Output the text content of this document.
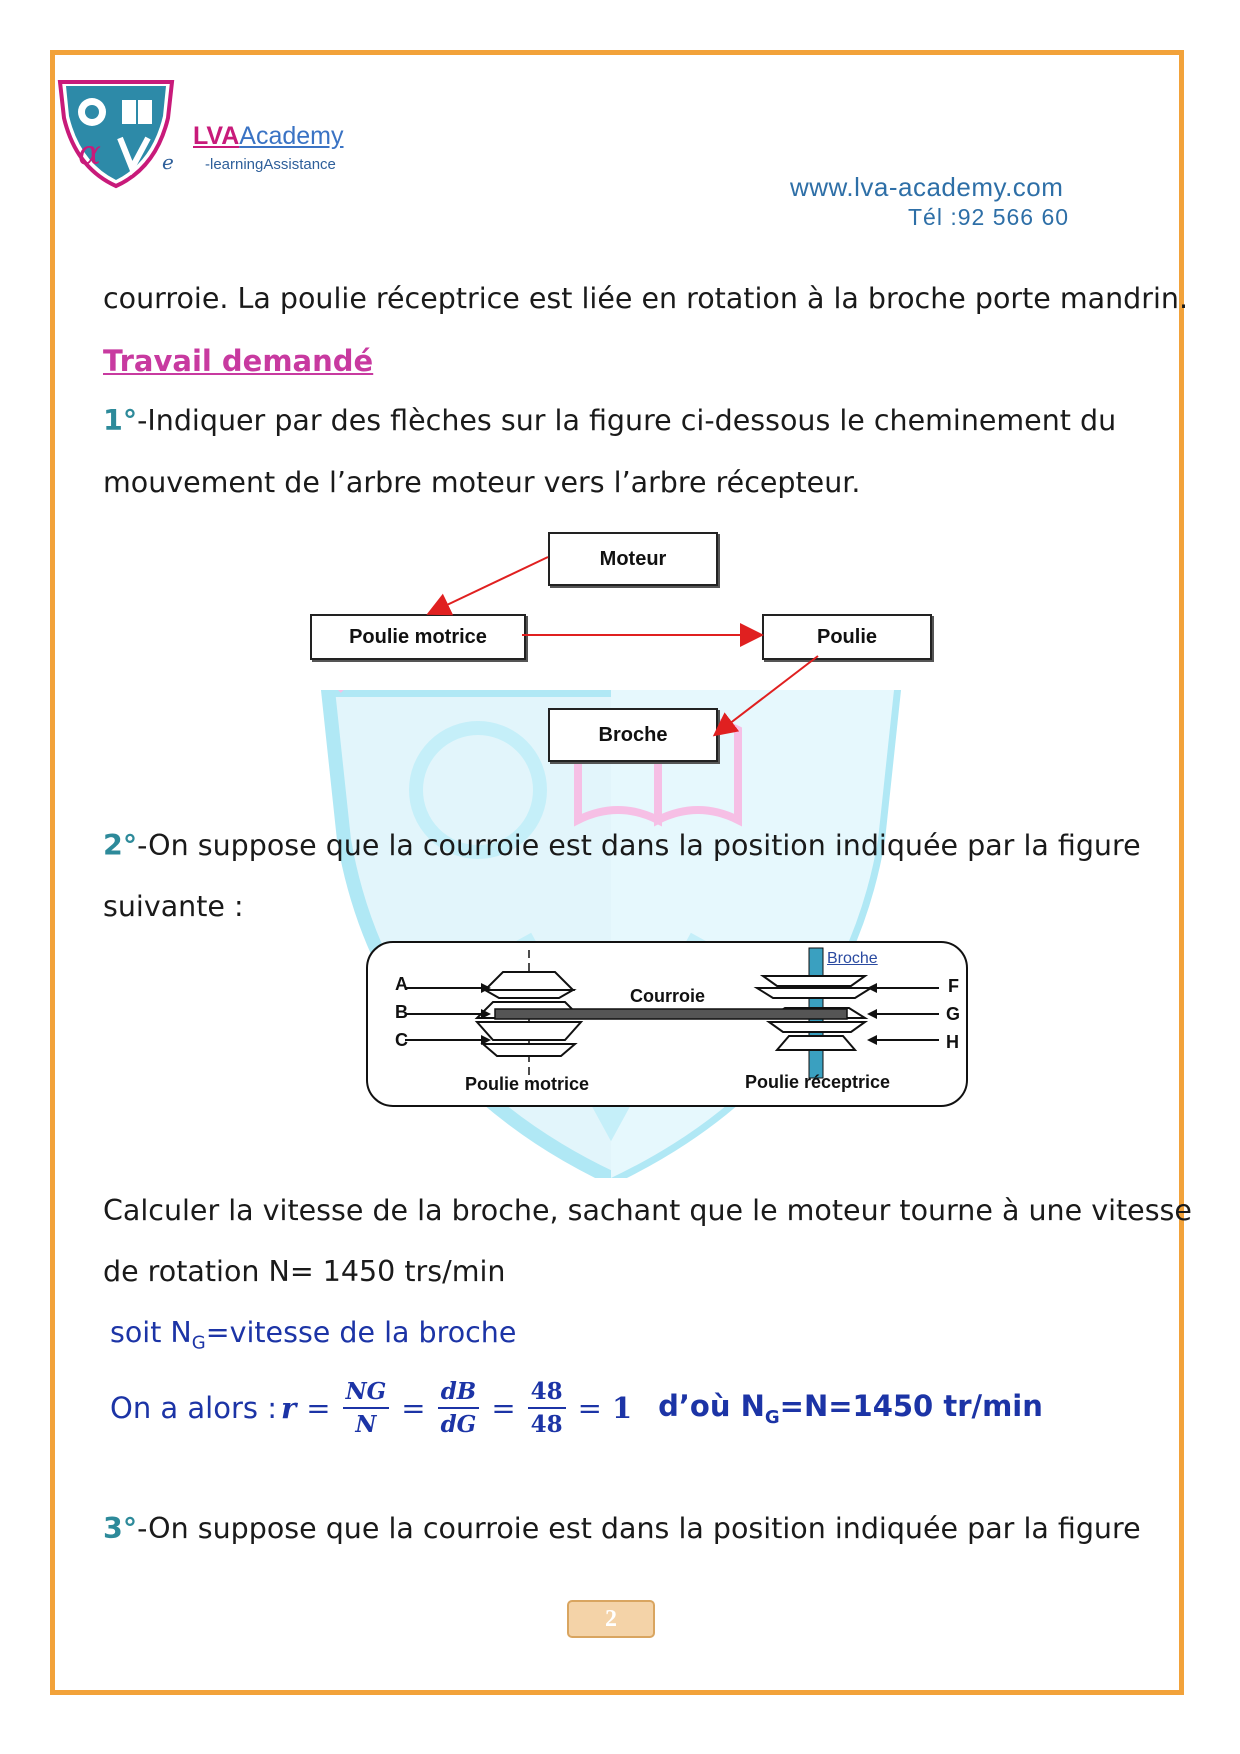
α	LVAAcademy
e -learningAssistance
www.lva-academy.com
Tél :92 566 60
courroie. La poulie réceptrice est liée en rotation à la broche porte mandrin.
Travail demandé
1°-Indiquer par des flèches sur la figure ci-dessous le cheminement du
mouvement de l’arbre moteur vers l’arbre récepteur.
Moteur
Poulie motrice	Poulie
Broche
2°-On suppose que la courroie est dans la position indiquée par la figure
suivante :
A
B
C
F
G
H
Courroie
Broche
Poulie motrice	Poulie réceptrice
Calculer la vitesse de la broche, sachant que le moteur tourne à une vitesse
de rotation N= 1450 trs/min
soit $N_G=vitesse$ de la broche
On a alors : $r = \frac{NG}{N} = \frac{dB}{dG} = \frac{48}{48} = 1$ d’où $N_G=N=1450$ tr/min
3°-On suppose que la courroie est dans la position indiquée par la figure
2
